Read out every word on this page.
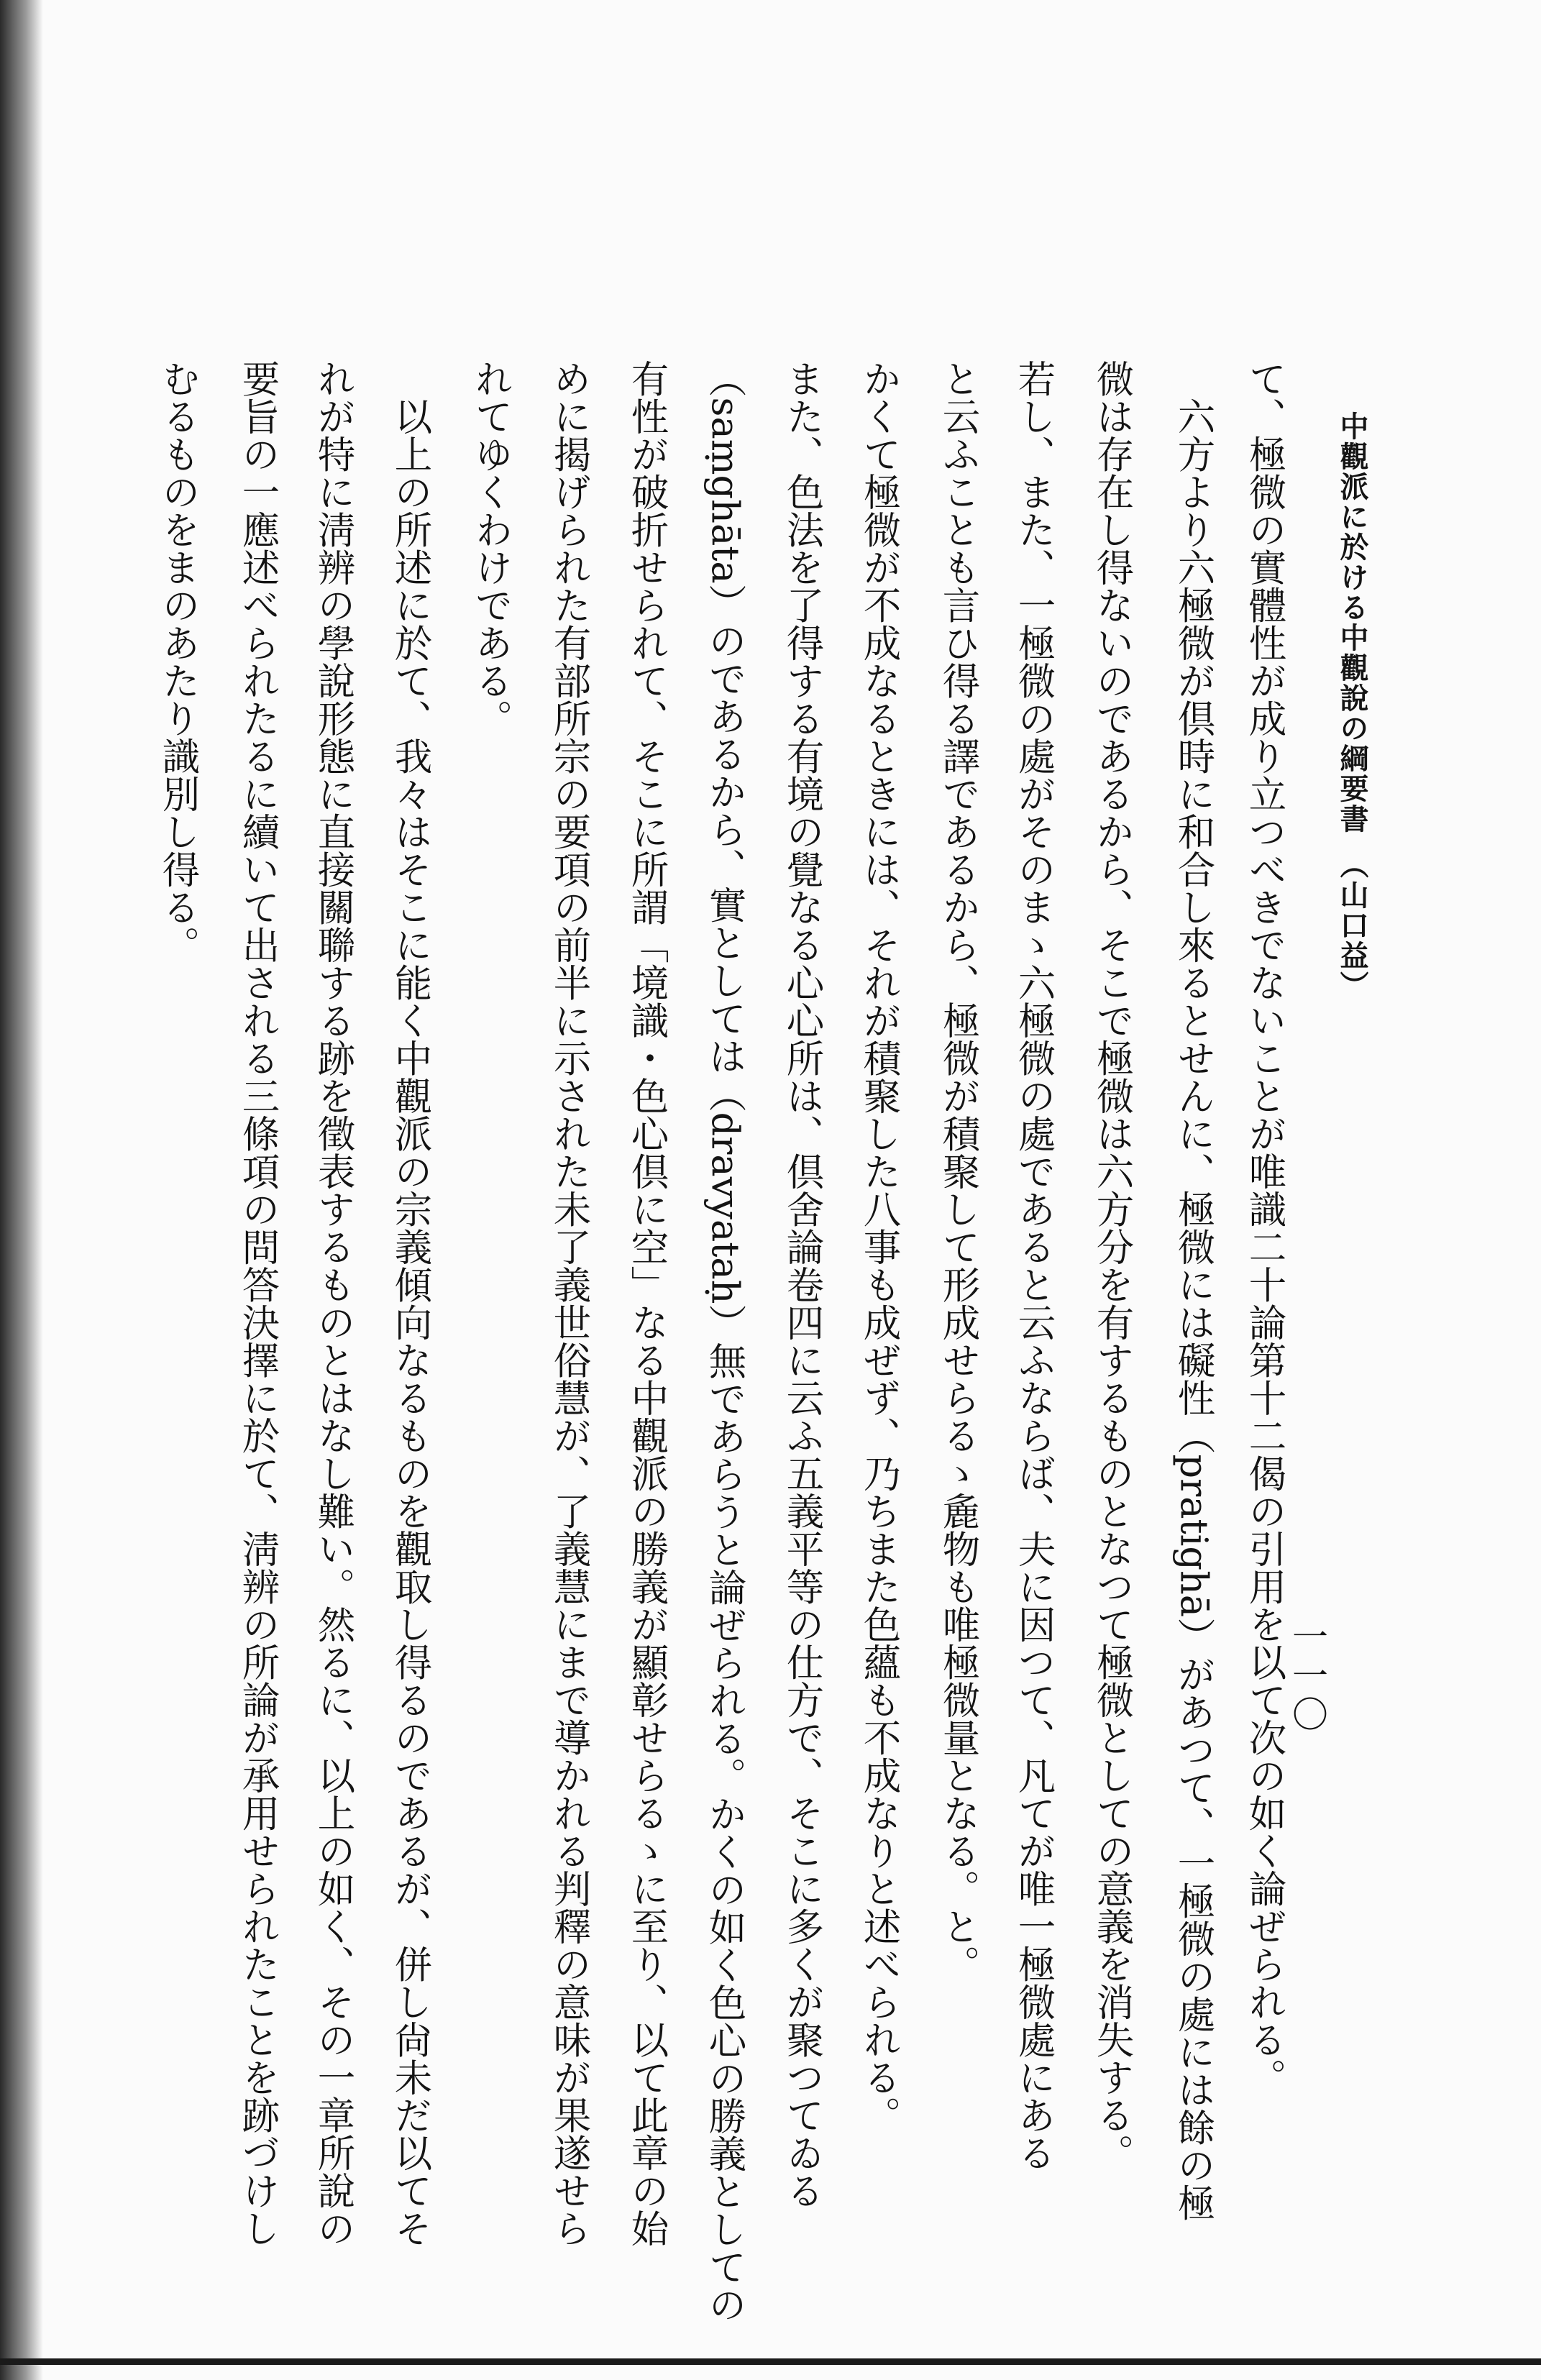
中觀派に於ける中觀說の綱要書　（山口益）
一一〇
て、極微の實體性が成り立つべきでないことが唯識二十論第十二偈の引用を以て次の如く論ぜられる。
　六方より六極微が倶時に和合し來るとせんに、極微には礙性（pratighā）があつて、一極微の處には餘の極
微は存在し得ないのであるから、そこで極微は六方分を有するものとなつて極微としての意義を消失する。
若し、また、一極微の處がそのまゝ六極微の處であると云ふならば、夫に因つて、凡てが唯一極微處にある
と云ふことも言ひ得る譯であるから、極微が積聚して形成せらるゝ麁物も唯極微量となる。と。
かくて極微が不成なるときには、それが積聚した八事も成ぜず、乃ちまた色蘊も不成なりと述べられる。
また、色法を了得する有境の覺なる心心所は、倶舍論卷四に云ふ五義平等の仕方で、そこに多くが聚つてゐる
（saṃghāta）のであるから、實としては（dravyataḥ）無であらうと論ぜられる。かくの如く色心の勝義としての
有性が破折せられて、そこに所謂「境識・色心倶に空」なる中觀派の勝義が顯彰せらるゝに至り、以て此章の始
めに揭げられた有部所宗の要項の前半に示された未了義世俗慧が、了義慧にまで導かれる判釋の意味が果遂せら
れてゆくわけである。
　以上の所述に於て、我々はそこに能く中觀派の宗義傾向なるものを觀取し得るのであるが、併し尙未だ以てそ
れが特に淸辨の學說形態に直接關聯する跡を徵表するものとはなし難い。然るに、以上の如く、その一章所說の
要旨の一應述べられたるに續いて出される三條項の問答決擇に於て、淸辨の所論が承用せられたことを跡づけし
むるものをまのあたり識別し得る。
